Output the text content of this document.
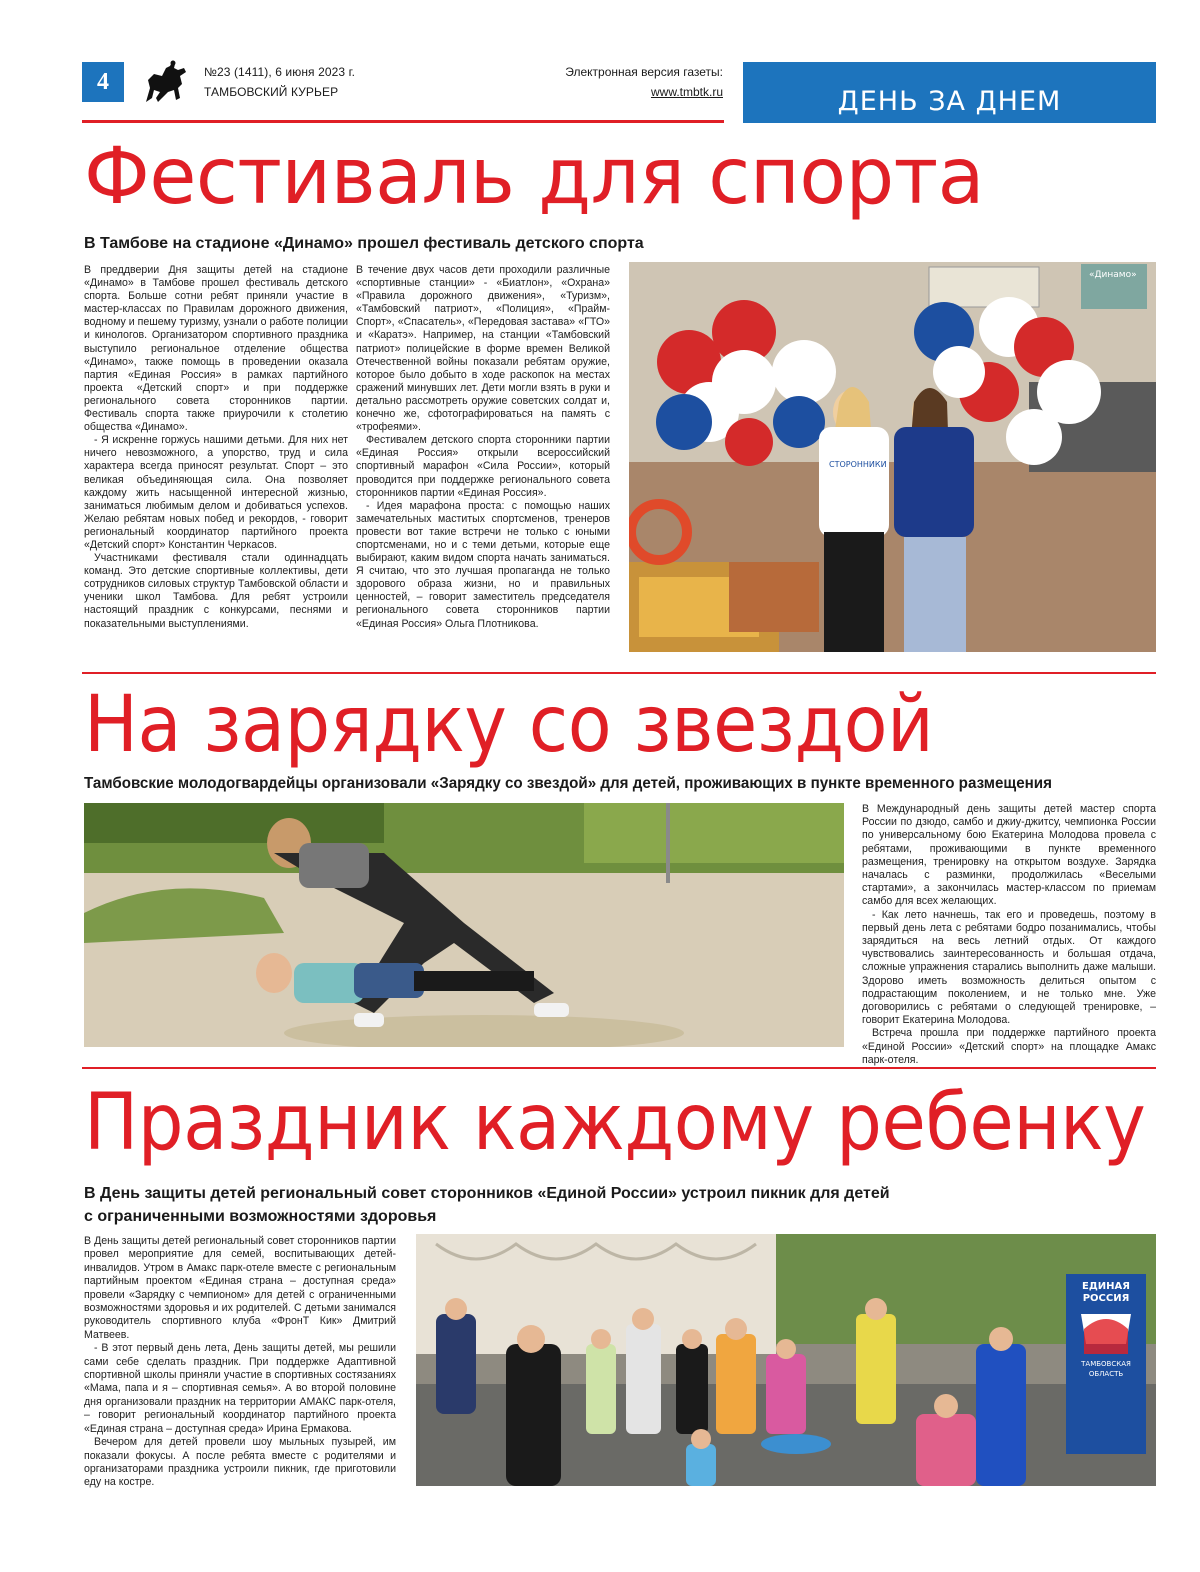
4	№23 (1411), 6 июня 2023 г.
ТАМБОВСКИЙ КУРЬЕР
Электронная версия газеты:
www.tmbtk.ru	ДЕНЬ ЗА ДНЕМ
Фестиваль для спорта
В Тамбове на стадионе «Динамо» прошел фестиваль детского спорта

В преддверии Дня защиты детей на стадионе «Динамо» в Тамбове прошел фестиваль детского спорта. Больше сотни ребят приняли участие в мастер-классах по Правилам дорожного движения, водному и пешему туризму, узнали о работе полиции и кинологов. Организатором спортивного праздника выступило региональное отделение общества «Динамо», также помощь в проведении оказала партия «Единая Россия» в рамках партийного проекта «Детский спорт» и при поддержке регионального совета сторонников партии. Фестиваль спорта также приурочили к столетию общества «Динамо».

- Я искренне горжусь нашими детьми. Для них нет ничего невозможного, а упорство, труд и сила характера всегда приносят результат. Спорт – это великая объединяющая сила. Она позволяет каждому жить насыщенной интересной жизнью, заниматься любимым делом и добиваться успехов. Желаю ребятам новых побед и рекордов, - говорит региональный координатор партийного проекта «Детский спорт» Константин Черкасов.

Участниками фестиваля стали одиннадцать команд. Это детские спортивные коллективы, дети сотрудников силовых структур Тамбовской области и ученики школ Тамбова. Для ребят устроили настоящий праздник с конкурсами, песнями и показательными выступлениями.

В течение двух часов дети проходили различные «спортивные станции» - «Биатлон», «Охрана» «Правила дорожного движения», «Туризм», «Тамбовский патриот», «Полиция», «Прайм-Спорт», «Спасатель», «Передовая застава» «ГТО» и «Каратэ». Например, на станции «Тамбовский патриот» полицейские в форме времен Великой Отечественной войны показали ребятам оружие, которое было добыто в ходе раскопок на местах сражений минувших лет. Дети могли взять в руки и детально рассмотреть оружие советских солдат и, конечно же, сфотографироваться на память с «трофеями».

Фестивалем детского спорта сторонники партии «Единая Россия» открыли всероссийский спортивный марафон «Сила России», который проводится при поддержке регионального совета сторонников партии «Единая Россия».

- Идея марафона проста: с помощью наших замечательных маститых спортсменов, тренеров провести вот такие встречи не только с юными спортсменами, но и с теми детьми, которые еще выбирают, каким видом спорта начать заниматься. Я считаю, что это лучшая пропаганда не только здорового образа жизни, но и правильных ценностей, – говорит заместитель председателя регионального совета сторонников партии «Единая Россия» Ольга Плотникова.

«Динамо»
СТОРОННИКИ
На зарядку со звездой
Тамбовские молодогвардейцы организовали «Зарядку со звездой» для детей, проживающих в пункте временного размещения

В Международный день защиты детей мастер спорта России по дзюдо, самбо и джиу-джитсу, чемпионка России по универсальному бою Екатерина Молодова провела с ребятами, проживающими в пункте временного размещения, тренировку на открытом воздухе. Зарядка началась с разминки, продолжилась «Веселыми стартами», а закончилась мастер-классом по приемам самбо для всех желающих.

- Как лето начнешь, так его и проведешь, поэтому в первый день лета с ребятами бодро позанимались, чтобы зарядиться на весь летний отдых. От каждого чувствовались заинтересованность и большая отдача, сложные упражнения старались выполнить даже малыши. Здорово иметь возможность делиться опытом с подрастающим поколением, и не только мне. Уже договорились с ребятами о следующей тренировке, – говорит Екатерина Молодова.

Встреча прошла при поддержке партийного проекта «Единой России» «Детский спорт» на площадке Амакс парк-отеля.

Праздник каждому ребенку
В День защиты детей региональный совет сторонников «Единой России» устроил пикник для детей
с ограниченными возможностями здоровья

В День защиты детей региональный совет сторонников партии провел мероприятие для семей, воспитывающих детей-инвалидов. Утром в Амакс парк-отеле вместе с региональным партийным проектом «Единая страна – доступная среда» провели «Зарядку с чемпионом» для детей с ограниченными возможностями здоровья и их родителей. С детьми занимался руководитель спортивного клуба «ФронТ Кик» Дмитрий Матвеев.

- В этот первый день лета, День защиты детей, мы решили сами себе сделать праздник. При поддержке Адаптивной спортивной школы приняли участие в спортивных состязаниях «Мама, папа и я – спортивная семья». А во второй половине дня организовали праздник на территории АМАКС парк-отеля, – говорит региональный координатор партийного проекта «Единая страна – доступная среда» Ирина Ермакова.

Вечером для детей провели шоу мыльных пузырей, им показали фокусы. А после ребята вместе с родителями и организаторами праздника устроили пикник, где приготовили еду на костре.

ЕДИНАЯ
РОССИЯ
ТАМБОВСКАЯ
ОБЛАСТЬ
